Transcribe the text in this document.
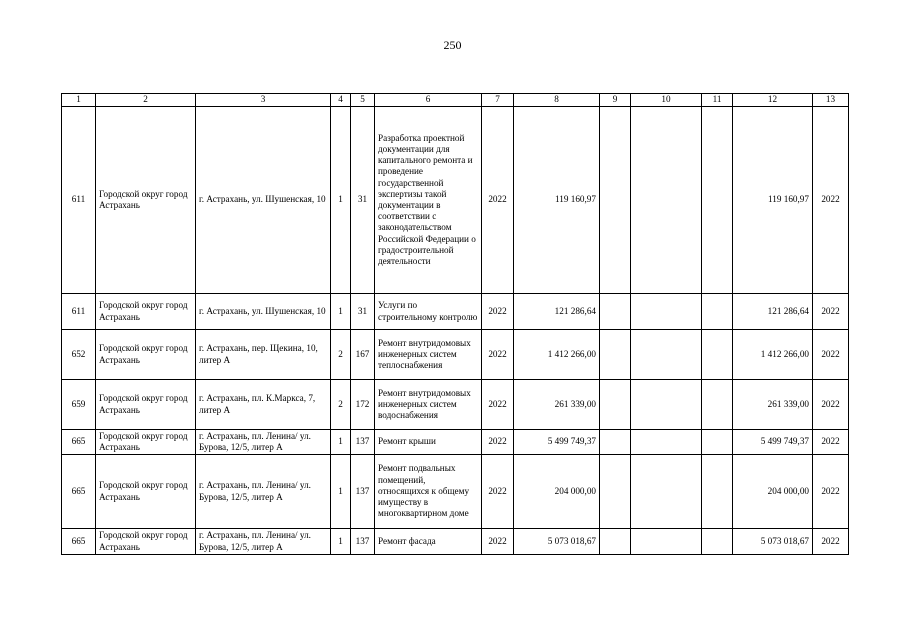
250
1	2	3	4	5	6	7	8	9	10	11	12	13
611	Городской округ город Астрахань	г. Астрахань, ул. Шушенская, 10	1	31	Разработка проектной документации для капитального ремонта и проведение государственной экспертизы такой документации в соответствии с законодательством Российской Федерации о градостроительной деятельности	2022	119 160,97				119 160,97	2022
611	Городской округ город Астрахань	г. Астрахань, ул. Шушенская, 10	1	31	Услуги по строительному контролю	2022	121 286,64				121 286,64	2022
652	Городской округ город Астрахань	г. Астрахань, пер. Щекина, 10, литер А	2	167	Ремонт внутридомовых инженерных систем теплоснабжения	2022	1 412 266,00				1 412 266,00	2022
659	Городской округ город Астрахань	г. Астрахань, пл. К.Маркса, 7, литер А	2	172	Ремонт внутридомовых инженерных систем водоснабжения	2022	261 339,00				261 339,00	2022
665	Городской округ город Астрахань	г. Астрахань, пл. Ленина/ ул. Бурова, 12/5, литер А	1	137	Ремонт крыши	2022	5 499 749,37				5 499 749,37	2022
665	Городской округ город Астрахань	г. Астрахань, пл. Ленина/ ул. Бурова, 12/5, литер А	1	137	Ремонт подвальных помещений, относящихся к общему имуществу в многоквартирном доме	2022	204 000,00				204 000,00	2022
665	Городской округ город Астрахань	г. Астрахань, пл. Ленина/ ул. Бурова, 12/5, литер А	1	137	Ремонт фасада	2022	5 073 018,67				5 073 018,67	2022
